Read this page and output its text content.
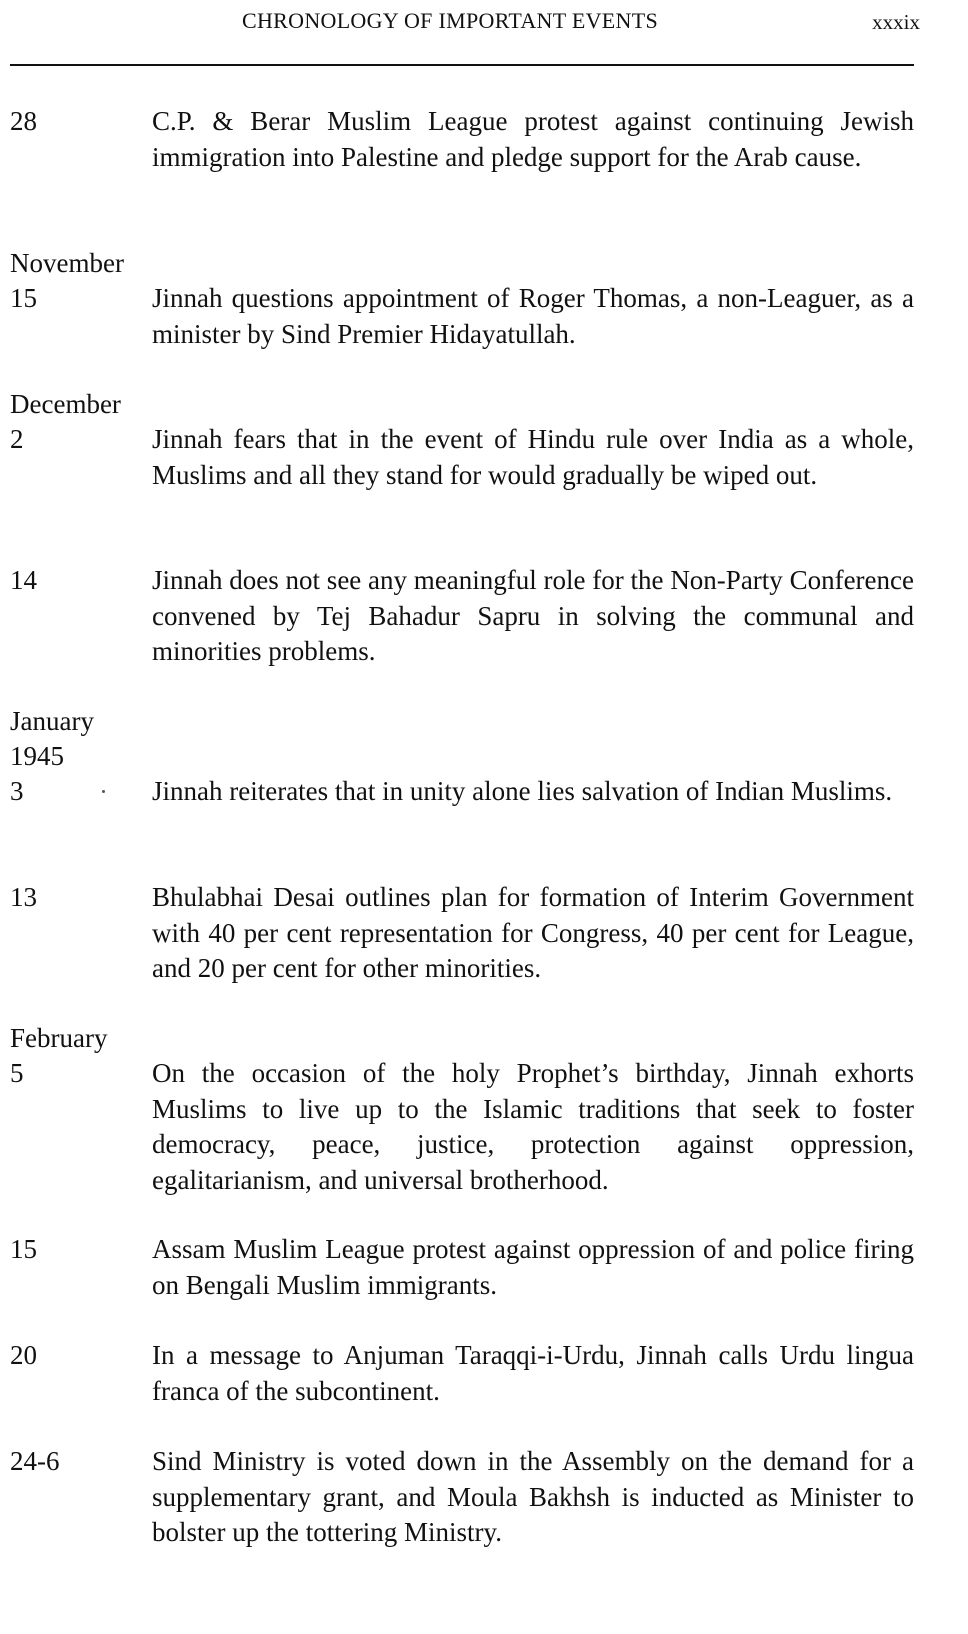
CHRONOLOGY OF IMPORTANT EVENTS	xxxix
28	C.P. & Berar Muslim League protest against continuing Jewish immigration into Palestine and pledge support for the Arab cause.
November
15	Jinnah questions appointment of Roger Thomas, a non-Leaguer, as a minister by Sind Premier Hidayatullah.
December
2	Jinnah fears that in the event of Hindu rule over India as a whole, Muslims and all they stand for would gradually be wiped out.
14	Jinnah does not see any meaningful role for the Non-Party Conference convened by Tej Bahadur Sapru in solving the communal and minorities problems.
January
1945
3	Jinnah reiterates that in unity alone lies salvation of Indian Muslims.
13	Bhulabhai Desai outlines plan for formation of Interim Government with 40 per cent representation for Congress, 40 per cent for League, and 20 per cent for other minorities.
February
5	On the occasion of the holy Prophet’s birthday, Jinnah exhorts Muslims to live up to the Islamic traditions that seek to foster democracy, peace, justice, protection against oppression, egalitarianism, and universal brotherhood.
15	Assam Muslim League protest against oppression of and police firing on Bengali Muslim immigrants.
20	In a message to Anjuman Taraqqi-i-Urdu, Jinnah calls Urdu lingua franca of the subcontinent.
24-6	Sind Ministry is voted down in the Assembly on the demand for a supplementary grant, and Moula Bakhsh is inducted as Minister to bolster up the tottering Ministry.
